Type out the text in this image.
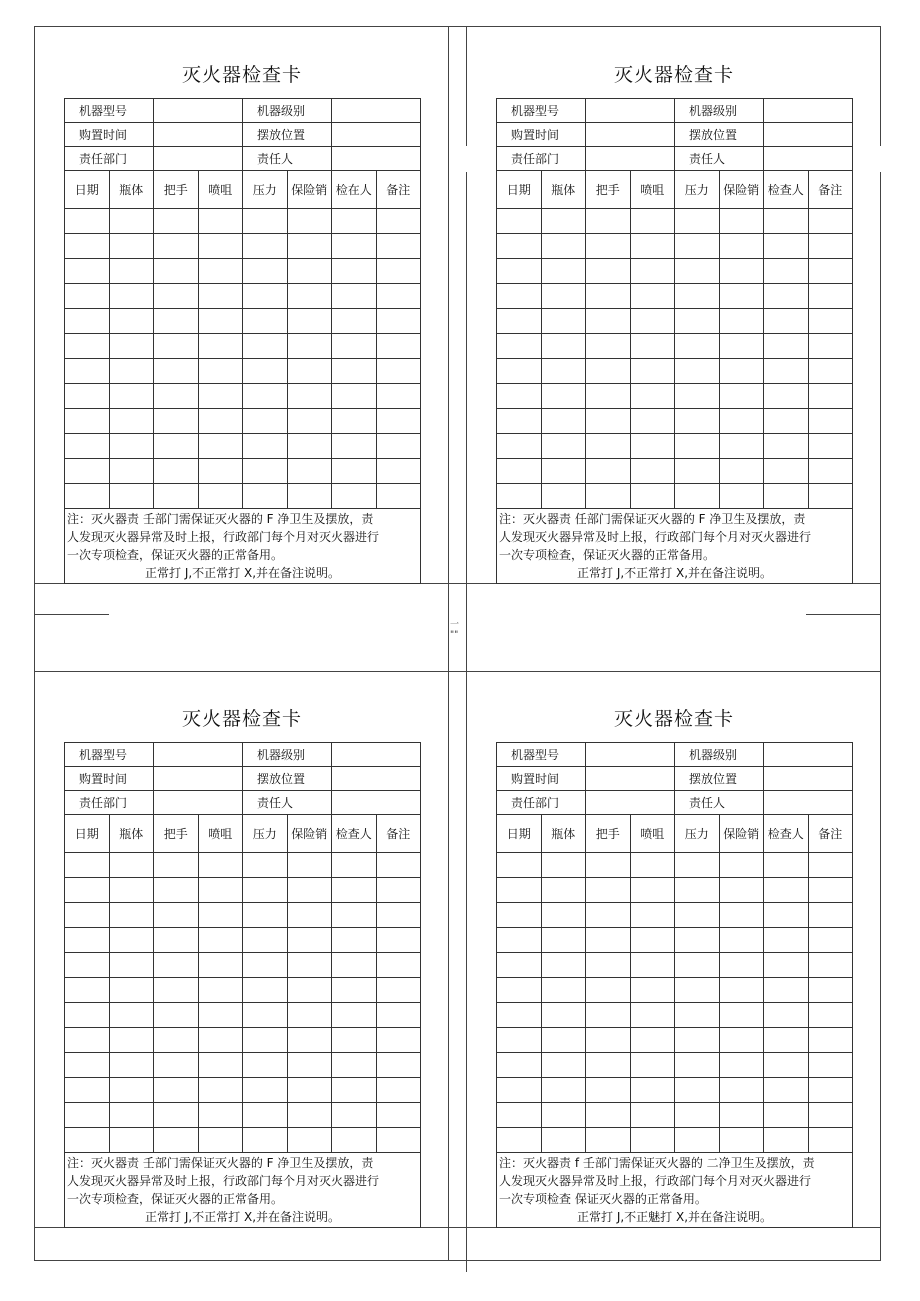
一
""
灭火器检查卡
机器型号				机器级别			
购置时间				摆放位置			
责任部门				责任人			
日期	瓶体	把手	喷咀	压力	保险销	检在人	备注

注：灭火器责 壬部门需保证灭火器的 F 净卫生及摆放，责
人发现灭火器异常及时上报，行政部门每个月对灭火器进行
一次专项检查，保证灭火器的正常备用。
正常打 J,不正常打 X,并在备注说明。							
灭火器检查卡
机器型号				机器级别			
购置时间				摆放位置			
责任部门				责任人			
日期	瓶体	把手	喷咀	压力	保险销	检查人	备注

注：灭火器责 任部门需保证灭火器的 F 净卫生及摆放，责
人发现灭火器异常及时上报，行政部门每个月对灭火器进行
一次专项检查，保证灭火器的正常备用。
正常打 J,不正常打 X,并在备注说明。							
灭火器检查卡
机器型号				机器级别			
购置时间				摆放位置			
责任部门				责任人			
日期	瓶体	把手	喷咀	压力	保险销	检查人	备注

注：灭火器责 壬部门需保证灭火器的 F 净卫生及摆放，责
人发现灭火器异常及时上报，行政部门每个月对灭火器进行
一次专项检查，保证灭火器的正常备用。
正常打 J,不正常打 X,并在备注说明。							
灭火器检查卡
机器型号				机器级别			
购置时间				摆放位置			
责任部门				责任人			
日期	瓶体	把手	喷咀	压力	保险销	检查人	备注

注：灭火器责 f 壬部门需保证灭火器的 二净卫生及摆放，责
人发现灭火器异常及时上报，行政部门每个月对灭火器进行
一次专项检查 保证灭火器的正常备用。
正常打 J,不正魅打 X,并在备注说明。							
